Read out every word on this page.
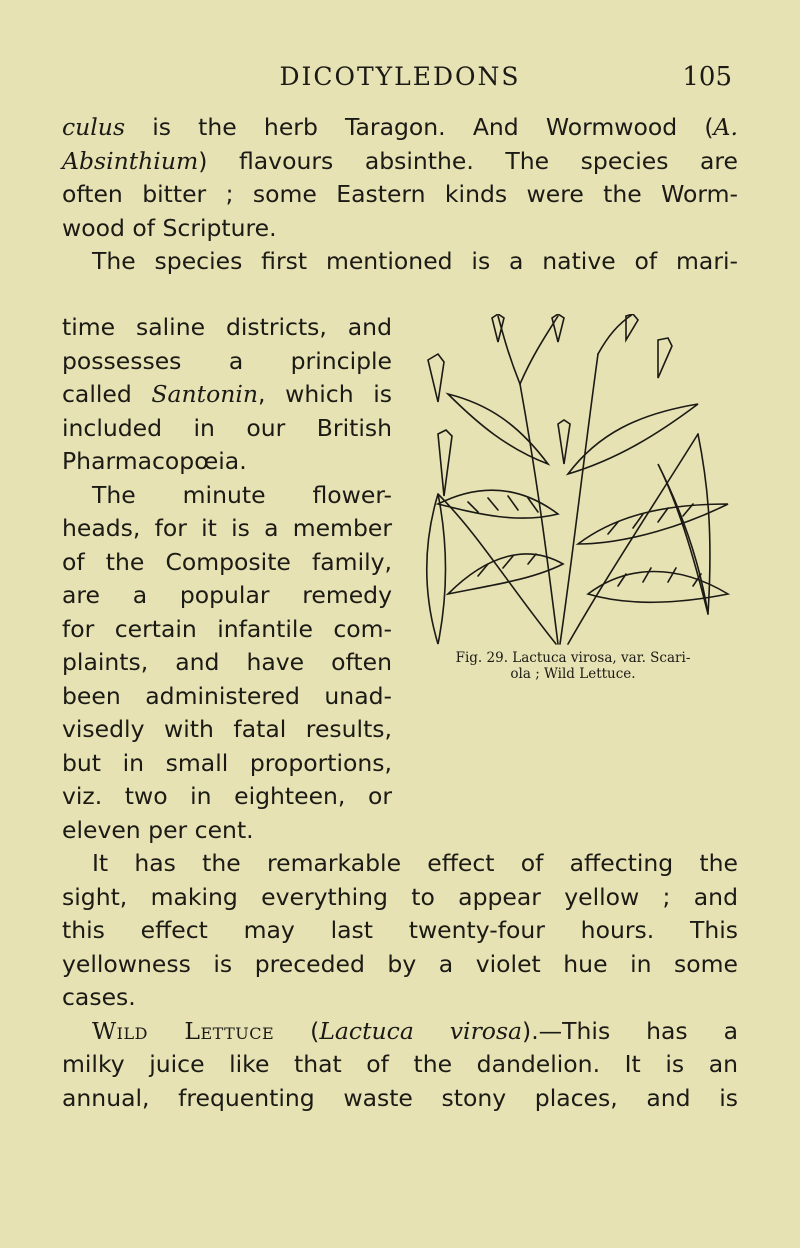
DICOTYLEDONS	105
culus is the herb Taragon. And Wormwood (A.
Absinthium) flavours absinthe. The species are
often bitter ; some Eastern kinds were the Worm-
wood of Scripture.
The species first mentioned is a native of mari-
time saline districts, and
possesses a principle
called Santonin, which is
included in our British
Pharmacopœia.
The minute flower-
heads, for it is a member
of the Composite family,
are a popular remedy
for certain infantile com-
plaints, and have often
been administered unad-
visedly with fatal results,
but in small proportions,
viz. two in eighteen, or
eleven per cent.
Fig. 29. Lactuca virosa, var. Scari-
ola ; Wild Lettuce.
It has the remarkable effect of affecting the
sight, making everything to appear yellow ; and
this effect may last twenty-four hours. This
yellowness is preceded by a violet hue in some
cases.
Wild Lettuce (Lactuca virosa).—This has a
milky juice like that of the dandelion. It is an
annual, frequenting waste stony places, and is
